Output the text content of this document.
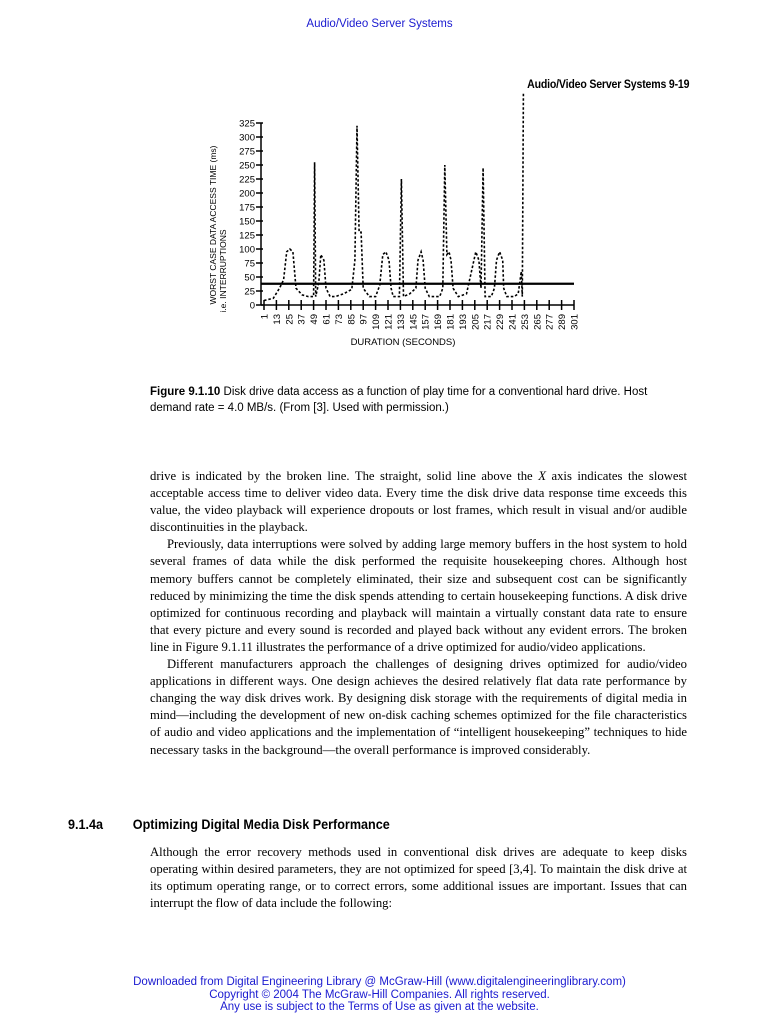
Audio/Video Server Systems
Audio/Video Server Systems 9-19
0
25
50
75
100
125
150
175
200
225
250
275
300
325
1 13 25 37 49 61 73 85 97 109 121 133 145 157 169 181 193 205 217 229 241 253 265 277 289 301
DURATION (SECONDS)
WORST CASE DATA ACCESS TIME (ms) i.e. INTERRUPTIONS
Figure 9.1.10 Disk drive data access as a function of play time for a conventional hard drive. Host demand rate = 4.0 MB/s. (From [3]. Used with permission.)

drive is indicated by the broken line. The straight, solid line above the X axis indicates the slowest acceptable access time to deliver video data. Every time the disk drive data response time exceeds this value, the video playback will experience dropouts or lost frames, which result in visual and/or audible discontinuities in the playback.

Previously, data interruptions were solved by adding large memory buffers in the host system to hold several frames of data while the disk performed the requisite housekeeping chores. Although host memory buffers cannot be completely eliminated, their size and subsequent cost can be significantly reduced by minimizing the time the disk spends attending to certain housekeeping functions. A disk drive optimized for continuous recording and playback will maintain a virtually constant data rate to ensure that every picture and every sound is recorded and played back without any evident errors. The broken line in Figure 9.1.11 illustrates the performance of a drive optimized for audio/video applications.

Different manufacturers approach the challenges of designing drives optimized for audio/video applications in different ways. One design achieves the desired relatively flat data rate performance by changing the way disk drives work. By designing disk storage with the requirements of digital media in mind—including the development of new on-disk caching schemes optimized for the file characteristics of audio and video applications and the implementation of “intelligent housekeeping” techniques to hide necessary tasks in the background—the overall performance is improved considerably.

9.1.4a Optimizing Digital Media Disk Performance

Although the error recovery methods used in conventional disk drives are adequate to keep disks operating within desired parameters, they are not optimized for speed [3,4]. To maintain the disk drive at its optimum operating range, or to correct errors, some additional issues are important. Issues that can interrupt the flow of data include the following:

Downloaded from Digital Engineering Library @ McGraw-Hill (www.digitalengineeringlibrary.com)
Copyright © 2004 The McGraw-Hill Companies. All rights reserved.
Any use is subject to the Terms of Use as given at the website.
